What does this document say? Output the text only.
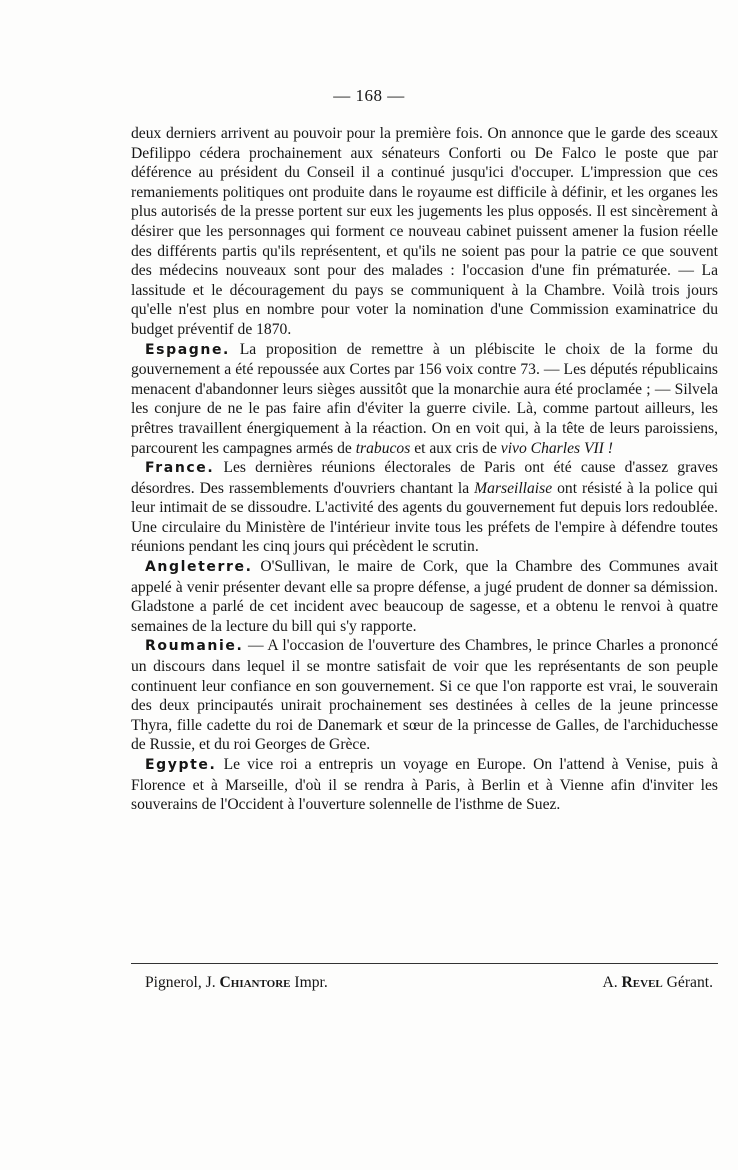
— 168 —

deux derniers arrivent au pouvoir pour la première fois. On annonce que le garde des sceaux Defilippo cédera prochainement aux sénateurs Conforti ou De Falco le poste que par déférence au président du Conseil il a continué jusqu'ici d'occuper. L'impression que ces remaniements politiques ont produite dans le royaume est difficile à définir, et les organes les plus autorisés de la presse portent sur eux les jugements les plus opposés. Il est sincèrement à désirer que les personnages qui forment ce nouveau cabinet puissent amener la fusion réelle des différents partis qu'ils représentent, et qu'ils ne soient pas pour la patrie ce que souvent des médecins nouveaux sont pour des malades : l'occasion d'une fin prématurée. — La lassitude et le découragement du pays se communiquent à la Chambre. Voilà trois jours qu'elle n'est plus en nombre pour voter la nomination d'une Commission examinatrice du budget préventif de 1870.

Espagne. La proposition de remettre à un plébiscite le choix de la forme du gouvernement a été repoussée aux Cortes par 156 voix contre 73. — Les députés républicains menacent d'abandonner leurs sièges aussitôt que la monarchie aura été proclamée ; — Silvela les conjure de ne le pas faire afin d'éviter la guerre civile. Là, comme partout ailleurs, les prêtres travaillent énergiquement à la réaction. On en voit qui, à la tête de leurs paroissiens, parcourent les campagnes armés de trabucos et aux cris de vivo Charles VII !

France. Les dernières réunions électorales de Paris ont été cause d'assez graves désordres. Des rassemblements d'ouvriers chantant la Marseillaise ont résisté à la police qui leur intimait de se dissoudre. L'activité des agents du gouvernement fut depuis lors redoublée. Une circulaire du Ministère de l'intérieur invite tous les préfets de l'empire à défendre toutes réunions pendant les cinq jours qui précèdent le scrutin.

Angleterre. O'Sullivan, le maire de Cork, que la Chambre des Communes avait appelé à venir présenter devant elle sa propre défense, a jugé prudent de donner sa démission. Gladstone a parlé de cet incident avec beaucoup de sagesse, et a obtenu le renvoi à quatre semaines de la lecture du bill qui s'y rapporte.

Roumanie. — A l'occasion de l'ouverture des Chambres, le prince Charles a prononcé un discours dans lequel il se montre satisfait de voir que les représentants de son peuple continuent leur confiance en son gouvernement. Si ce que l'on rapporte est vrai, le souverain des deux principautés unirait prochainement ses destinées à celles de la jeune princesse Thyra, fille cadette du roi de Danemark et sœur de la princesse de Galles, de l'archiduchesse de Russie, et du roi Georges de Grèce.

Egypte. Le vice roi a entrepris un voyage en Europe. On l'attend à Venise, puis à Florence et à Marseille, d'où il se rendra à Paris, à Berlin et à Vienne afin d'inviter les souverains de l'Occident à l'ouverture solennelle de l'isthme de Suez.

Pignerol, J. Chiantore Impr.	A. Revel Gérant.
